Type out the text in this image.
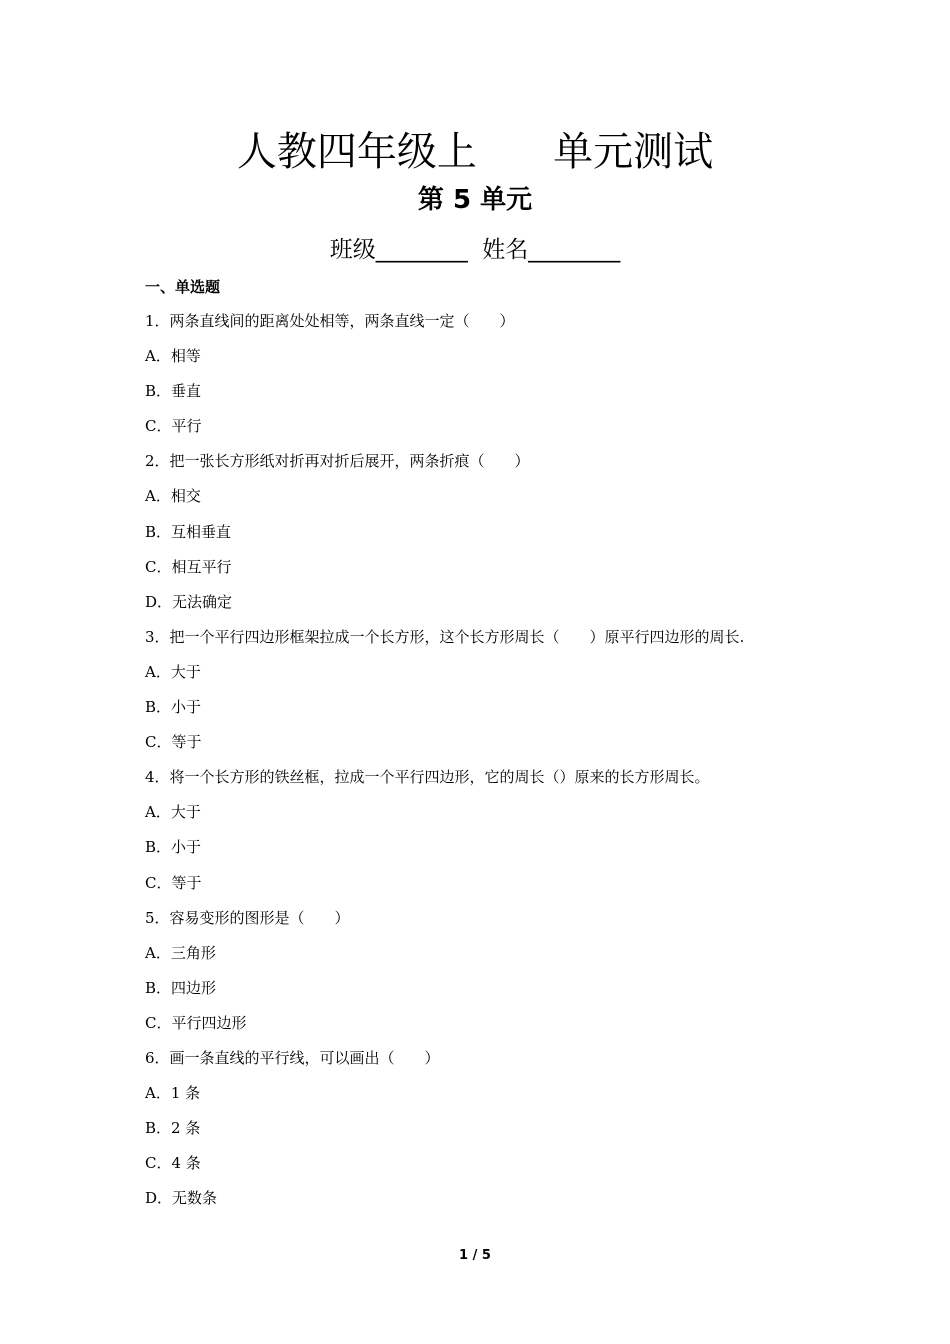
人教四年级上      单元测试
第 5 单元
班级________  姓名________
一、单选题
1．两条直线间的距离处处相等，两条直线一定（　　）
A．相等
B．垂直
C．平行
2．把一张长方形纸对折再对折后展开，两条折痕（　　）
A．相交
B．互相垂直
C．相互平行
D．无法确定
3．把一个平行四边形框架拉成一个长方形，这个长方形周长（　　）原平行四边形的周长.
A．大于
B．小于
C．等于
4．将一个长方形的铁丝框，拉成一个平行四边形，它的周长（）原来的长方形周长。
A．大于
B．小于
C．等于
5．容易变形的图形是（　　）
A．三角形
B．四边形
C．平行四边形
6．画一条直线的平行线，可以画出（　　）
A．1 条
B．2 条
C．4 条
D．无数条
1 / 5
